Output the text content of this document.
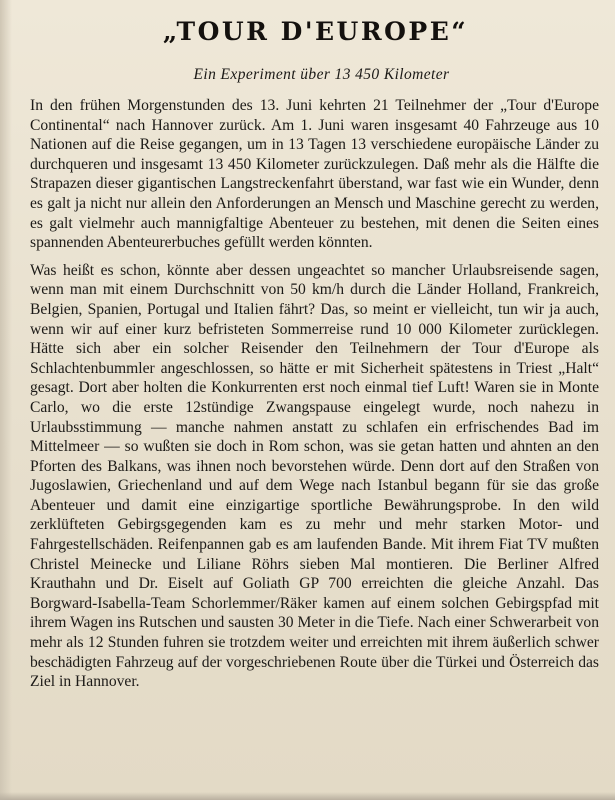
„TOUR D'EUROPE“
Ein Experiment über 13 450 Kilometer

In den frühen Morgenstunden des 13. Juni kehrten 21 Teilnehmer der „Tour d'Europe Continental“ nach Hannover zurück. Am 1. Juni waren insgesamt 40 Fahrzeuge aus 10 Nationen auf die Reise gegangen, um in 13 Tagen 13 verschiedene europäische Länder zu durchqueren und insgesamt 13 450 Kilometer zurückzulegen. Daß mehr als die Hälfte die Strapazen dieser gigantischen Langstreckenfahrt überstand, war fast wie ein Wunder, denn es galt ja nicht nur allein den Anforderungen an Mensch und Maschine gerecht zu werden, es galt vielmehr auch mannigfaltige Abenteuer zu bestehen, mit denen die Seiten eines spannenden Abenteurerbuches gefüllt werden könnten.

Was heißt es schon, könnte aber dessen ungeachtet so mancher Urlaubsreisende sagen, wenn man mit einem Durchschnitt von 50 km/h durch die Länder Holland, Frankreich, Belgien, Spanien, Portugal und Italien fährt? Das, so meint er vielleicht, tun wir ja auch, wenn wir auf einer kurz befristeten Sommerreise rund 10 000 Kilometer zurücklegen. Hätte sich aber ein solcher Reisender den Teilnehmern der Tour d'Europe als Schlachtenbummler angeschlossen, so hätte er mit Sicherheit spätestens in Triest „Halt“ gesagt. Dort aber holten die Konkurrenten erst noch einmal tief Luft! Waren sie in Monte Carlo, wo die erste 12stündige Zwangspause eingelegt wurde, noch nahezu in Urlaubsstimmung — manche nahmen anstatt zu schlafen ein erfrischendes Bad im Mittelmeer — so wußten sie doch in Rom schon, was sie getan hatten und ahnten an den Pforten des Balkans, was ihnen noch bevorstehen würde. Denn dort auf den Straßen von Jugoslawien, Griechenland und auf dem Wege nach Istanbul begann für sie das große Abenteuer und damit eine einzigartige sportliche Bewährungsprobe. In den wild zerklüfteten Gebirgsgegenden kam es zu mehr und mehr starken Motor- und Fahrgestellschäden. Reifenpannen gab es am laufenden Bande. Mit ihrem Fiat TV mußten Christel Meinecke und Liliane Röhrs sieben Mal montieren. Die Berliner Alfred Krauthahn und Dr. Eiselt auf Goliath GP 700 erreichten die gleiche Anzahl. Das Borgward-Isabella-Team Schorlemmer/Räker kamen auf einem solchen Gebirgspfad mit ihrem Wagen ins Rutschen und sausten 30 Meter in die Tiefe. Nach einer Schwerarbeit von mehr als 12 Stunden fuhren sie trotzdem weiter und erreichten mit ihrem äußerlich schwer beschädigten Fahrzeug auf der vorgeschriebenen Route über die Türkei und Österreich das Ziel in Hannover.
